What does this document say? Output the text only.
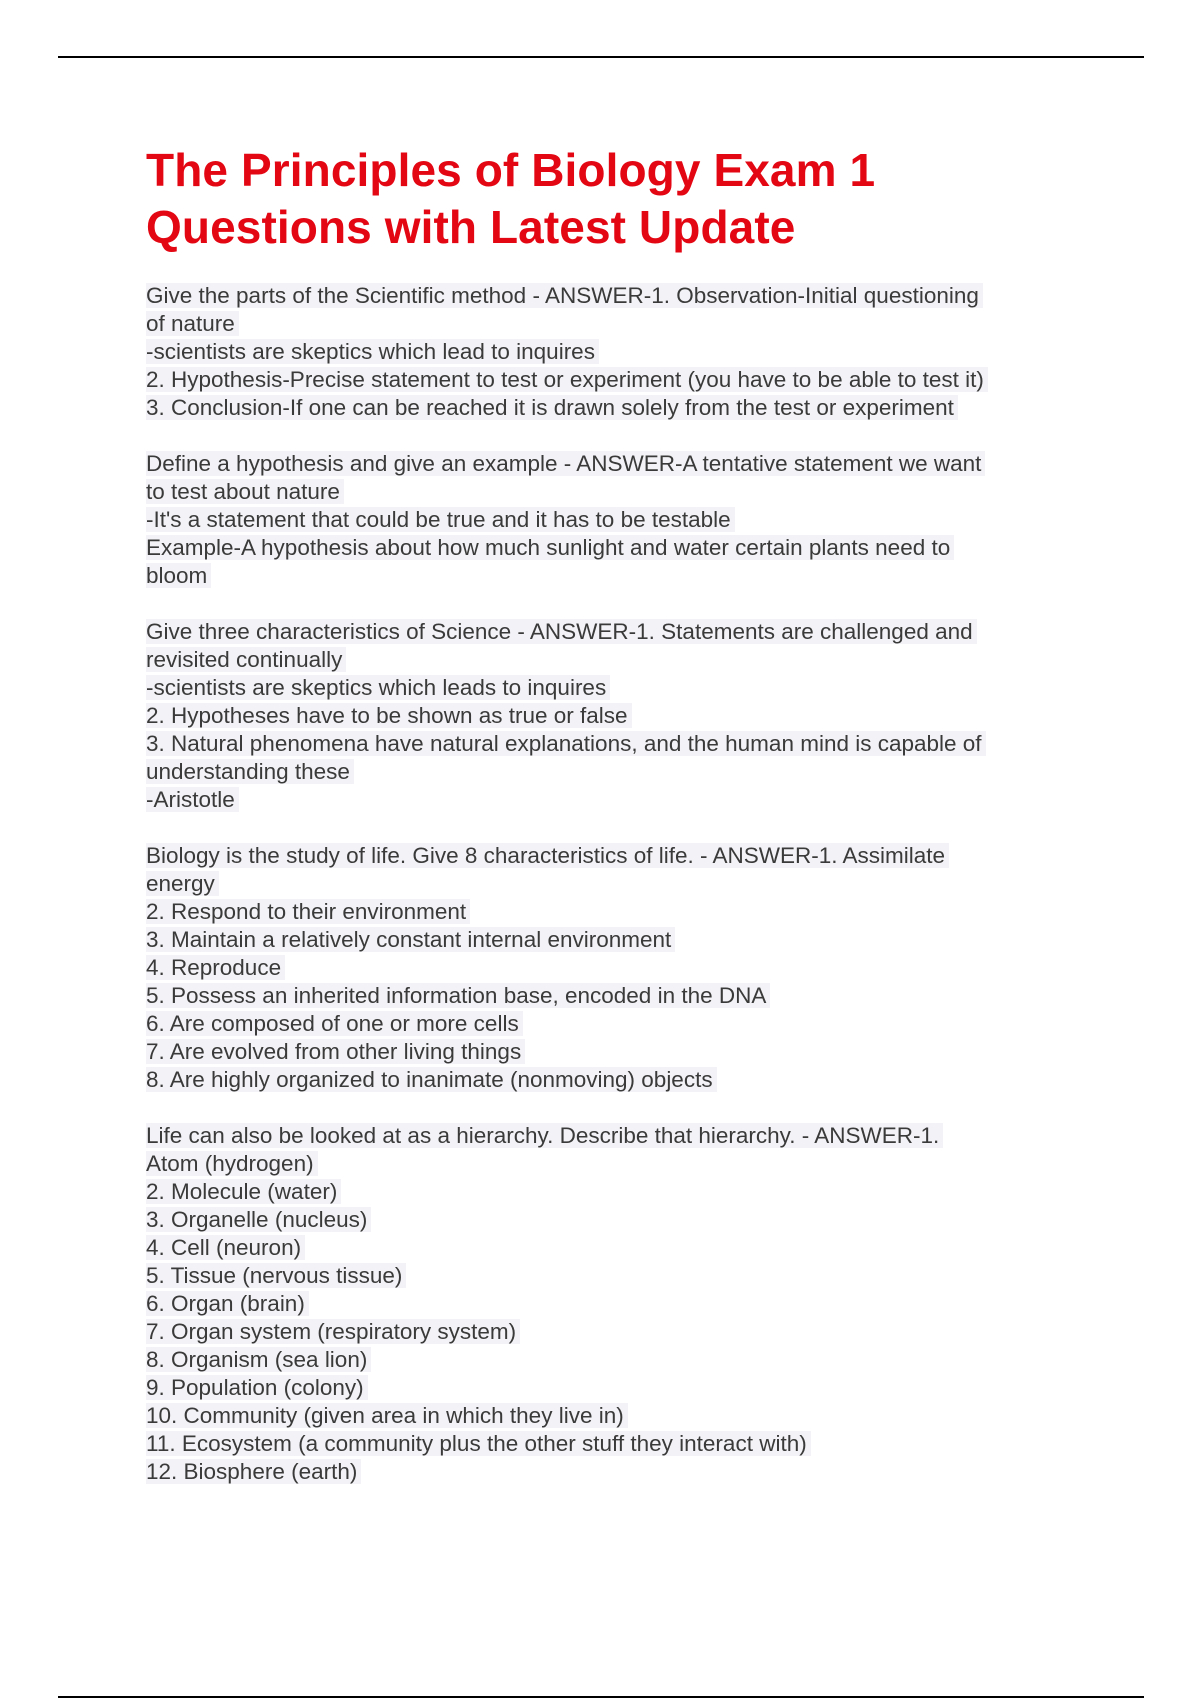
The Principles of Biology Exam 1
Questions with Latest Update
Give the parts of the Scientific method - ANSWER-1. Observation-Initial questioning
of nature
-scientists are skeptics which lead to inquires
2. Hypothesis-Precise statement to test or experiment (you have to be able to test it)
3. Conclusion-If one can be reached it is drawn solely from the test or experiment
Define a hypothesis and give an example - ANSWER-A tentative statement we want
to test about nature
-It's a statement that could be true and it has to be testable
Example-A hypothesis about how much sunlight and water certain plants need to
bloom
Give three characteristics of Science - ANSWER-1. Statements are challenged and
revisited continually
-scientists are skeptics which leads to inquires
2. Hypotheses have to be shown as true or false
3. Natural phenomena have natural explanations, and the human mind is capable of
understanding these
-Aristotle
Biology is the study of life. Give 8 characteristics of life. - ANSWER-1. Assimilate
energy
2. Respond to their environment
3. Maintain a relatively constant internal environment
4. Reproduce
5. Possess an inherited information base, encoded in the DNA
6. Are composed of one or more cells
7. Are evolved from other living things
8. Are highly organized to inanimate (nonmoving) objects
Life can also be looked at as a hierarchy. Describe that hierarchy. - ANSWER-1.
Atom (hydrogen)
2. Molecule (water)
3. Organelle (nucleus)
4. Cell (neuron)
5. Tissue (nervous tissue)
6. Organ (brain)
7. Organ system (respiratory system)
8. Organism (sea lion)
9. Population (colony)
10. Community (given area in which they live in)
11. Ecosystem (a community plus the other stuff they interact with)
12. Biosphere (earth)
